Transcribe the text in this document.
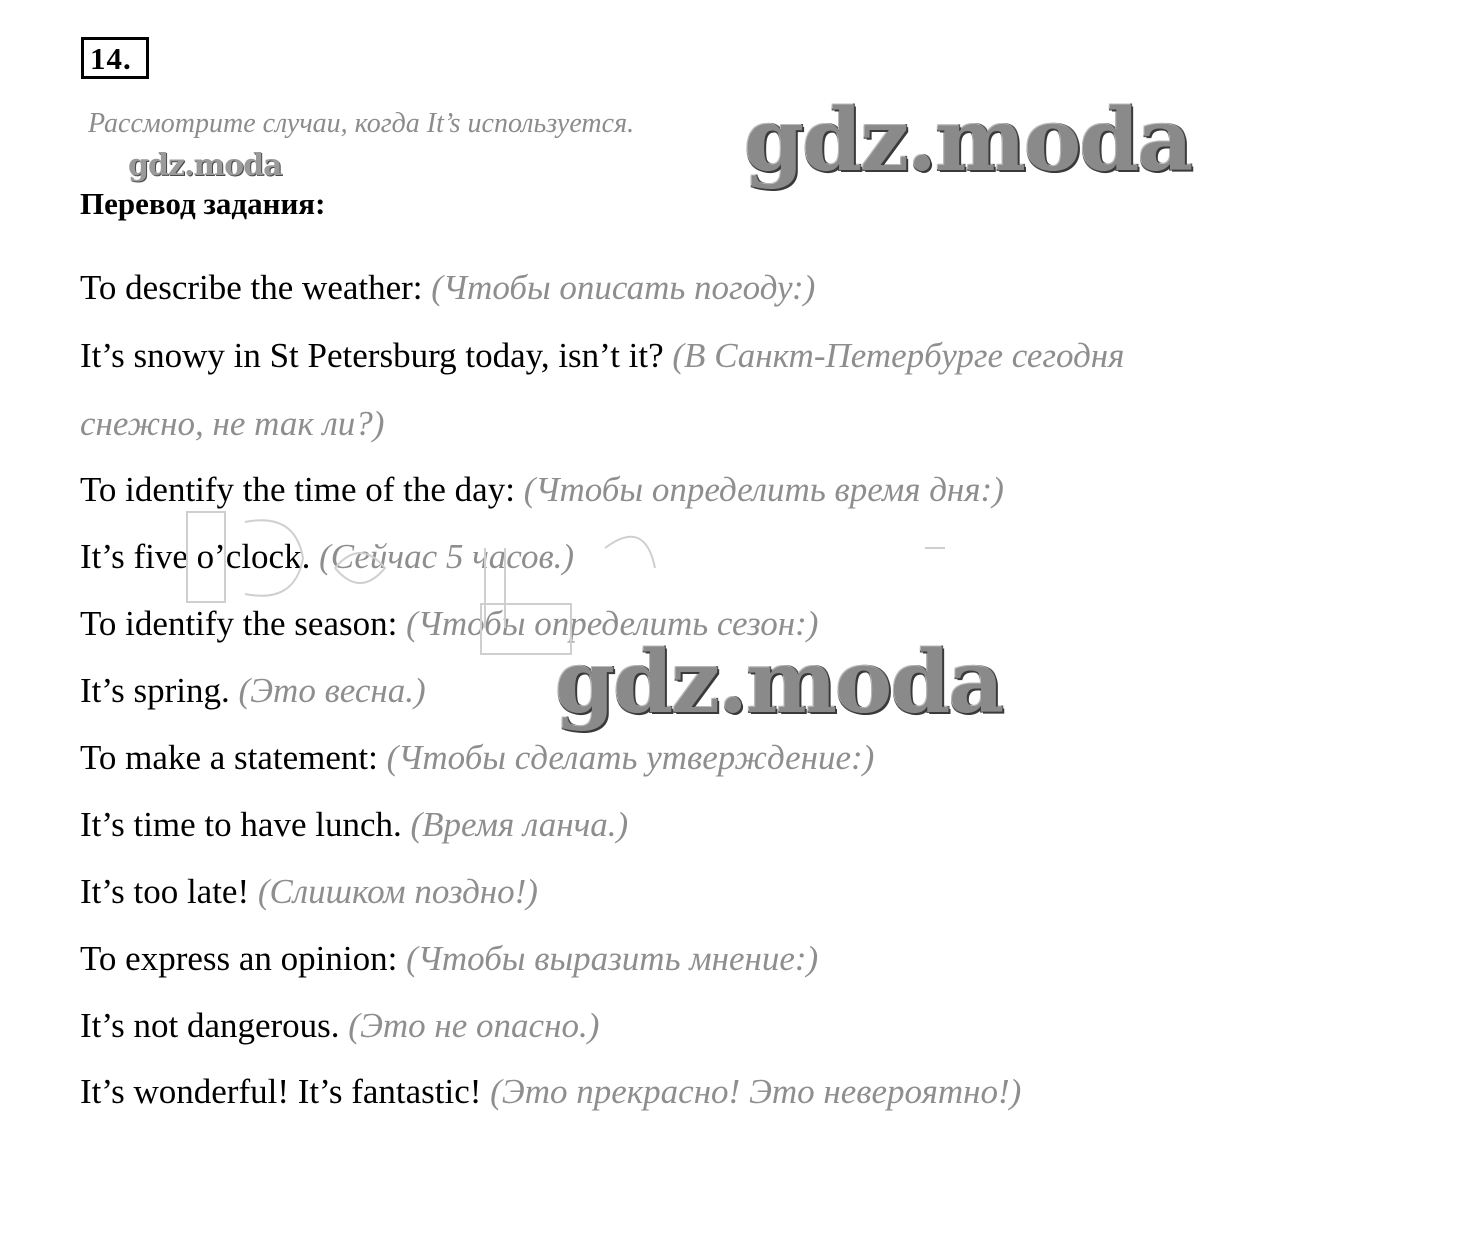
14.
Рассмотрите случаи, когда It’s используется.
gdz.moda	gdz.moda
Перевод задания:
To describe the weather: (Чтобы описать погоду:)
It’s snowy in St Petersburg today, isn’t it? (В Санкт-Петербурге сегодня
снежно, не так ли?)
To identify the time of the day: (Чтобы определить время дня:)
It’s five o’clock. (Сейчас 5 часов.)
To identify the season: (Чтобы определить сезон:)
It’s spring. (Это весна.)
To make a statement: (Чтобы сделать утверждение:)
It’s time to have lunch. (Время ланча.)
It’s too late! (Слишком поздно!)
To express an opinion: (Чтобы выразить мнение:)
It’s not dangerous. (Это не опасно.)
It’s wonderful! It’s fantastic! (Это прекрасно! Это невероятно!)
gdz.moda
